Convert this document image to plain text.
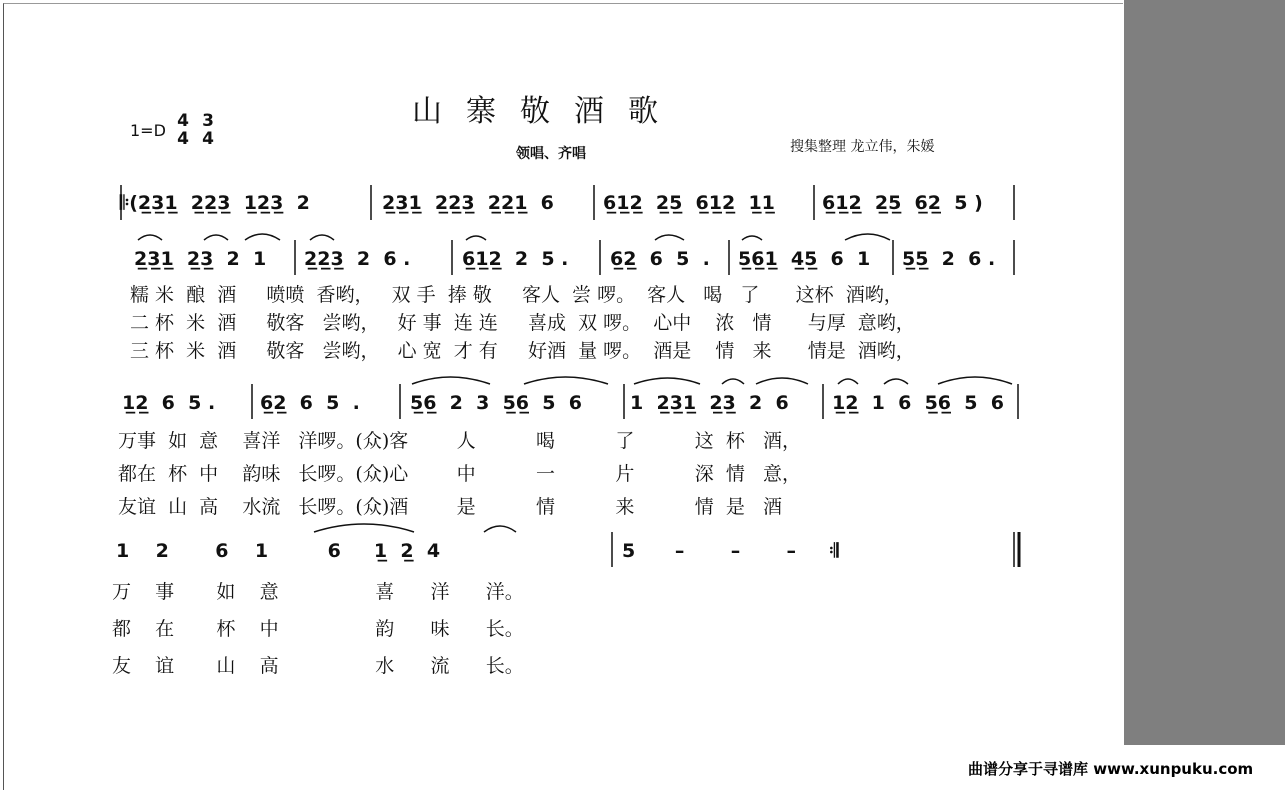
山寨敬酒歌
1=D 4
4
3
4
领唱、齐唱	搜集整理 龙立伟，朱媛
𝄆(2̲3̲1̲  2̲2̲3̲  1̲2̲3̲  2	2̲3̲1̲  2̲2̲3̲  2̲2̲1̲  6	6̲1̲2̲  2̲5̲  6̲1̲2̲  1̲1̲ 6̲1̲2̲  2̲5̲  6̲2̲  5 )
2̲3̲1̲  2̲3̲  2  1 2̲2̲3̲  2  6 .	6̲1̲2̲  2  5 . 6̲2̲  6  5  . 5̲6̲1̲  4̲5̲  6  1 5̲5̲  2  6 .
糯 米  酿  酒     喷喷  香哟，   双 手  捧 敬     客人  尝 啰。  客人   喝   了      这杯  酒哟，
二 杯  米  酒     敬客   尝哟，   好 事  连 连     喜成  双 啰。  心中    浓   情      与厚  意哟，
三 杯  米  酒     敬客   尝哟，   心 宽  才 有     好酒  量 啰。  酒是    情   来      情是  酒哟，
1̲2̲  6  5 . 6̲2̲  6  5  .	5̲6̲  2  3  5̲6̲  5  6	1  2̲3̲1̲  2̲3̲  2  6 1̲2̲  1  6  5̲6̲  5  6
万事  如  意    喜洋   洋啰。(众)客        人          喝          了          这  杯   酒，
都在  杯  中    韵味   长啰。(众)心        中          一          片          深  情   意，
友谊  山  高    水流   长啰。(众)酒        是          情          来          情  是   酒
1    2       6    1         6     1̲  2̲  4	5      –       –       –     𝄇
万    事       如    意                喜      洋      洋。
都    在       杯    中                韵      味      长。
友    谊       山    高                水      流      长。
曲谱分享于寻谱库 www.xunpuku.com
